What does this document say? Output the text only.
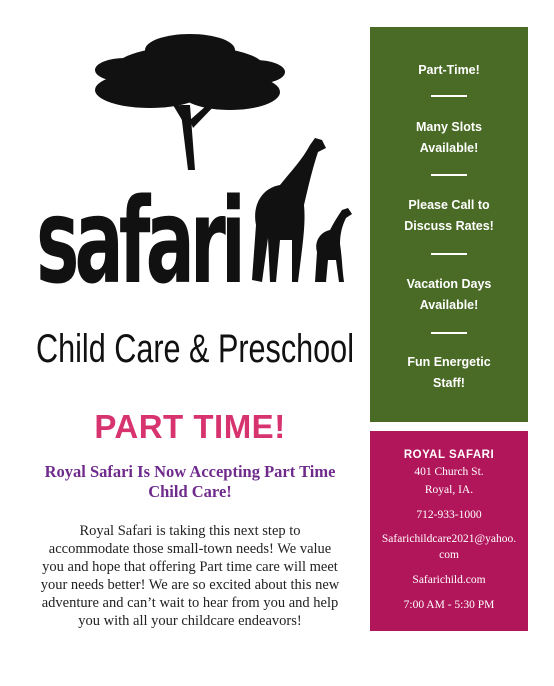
safari
Child Care & Preschool
PART TIME!
Royal Safari Is Now Accepting Part Time Child Care!
Royal Safari is taking this next step to accommodate those small-town needs! We value you and hope that offering Part time care will meet your needs better! We are so excited about this new adventure and can’t wait to hear from you and help you with all your childcare endeavors!
Part-Time!
Many Slots
Available!
Please Call to
Discuss Rates!
Vacation Days
Available!
Fun Energetic
Staff!
ROYAL SAFARI
401 Church St.
Royal, IA.
712-933-1000
Safarichildcare2021@yahoo.
com
Safarichild.com
7:00 AM - 5:30 PM
